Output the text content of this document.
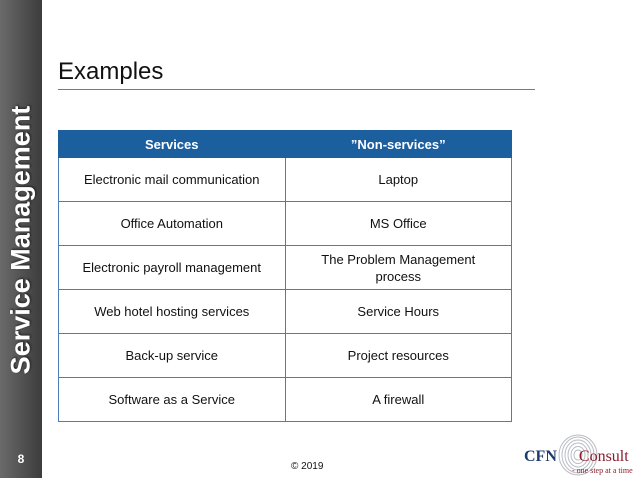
Service Management
8
Examples
Services	”Non-services”
Electronic mail communication	Laptop
Office Automation	MS Office
Electronic payroll management	The Problem Management process
Web hotel hosting services	Service Hours
Back-up service	Project resources
Software as a Service	A firewall
© 2019
CFN Consult
- one step at a time
